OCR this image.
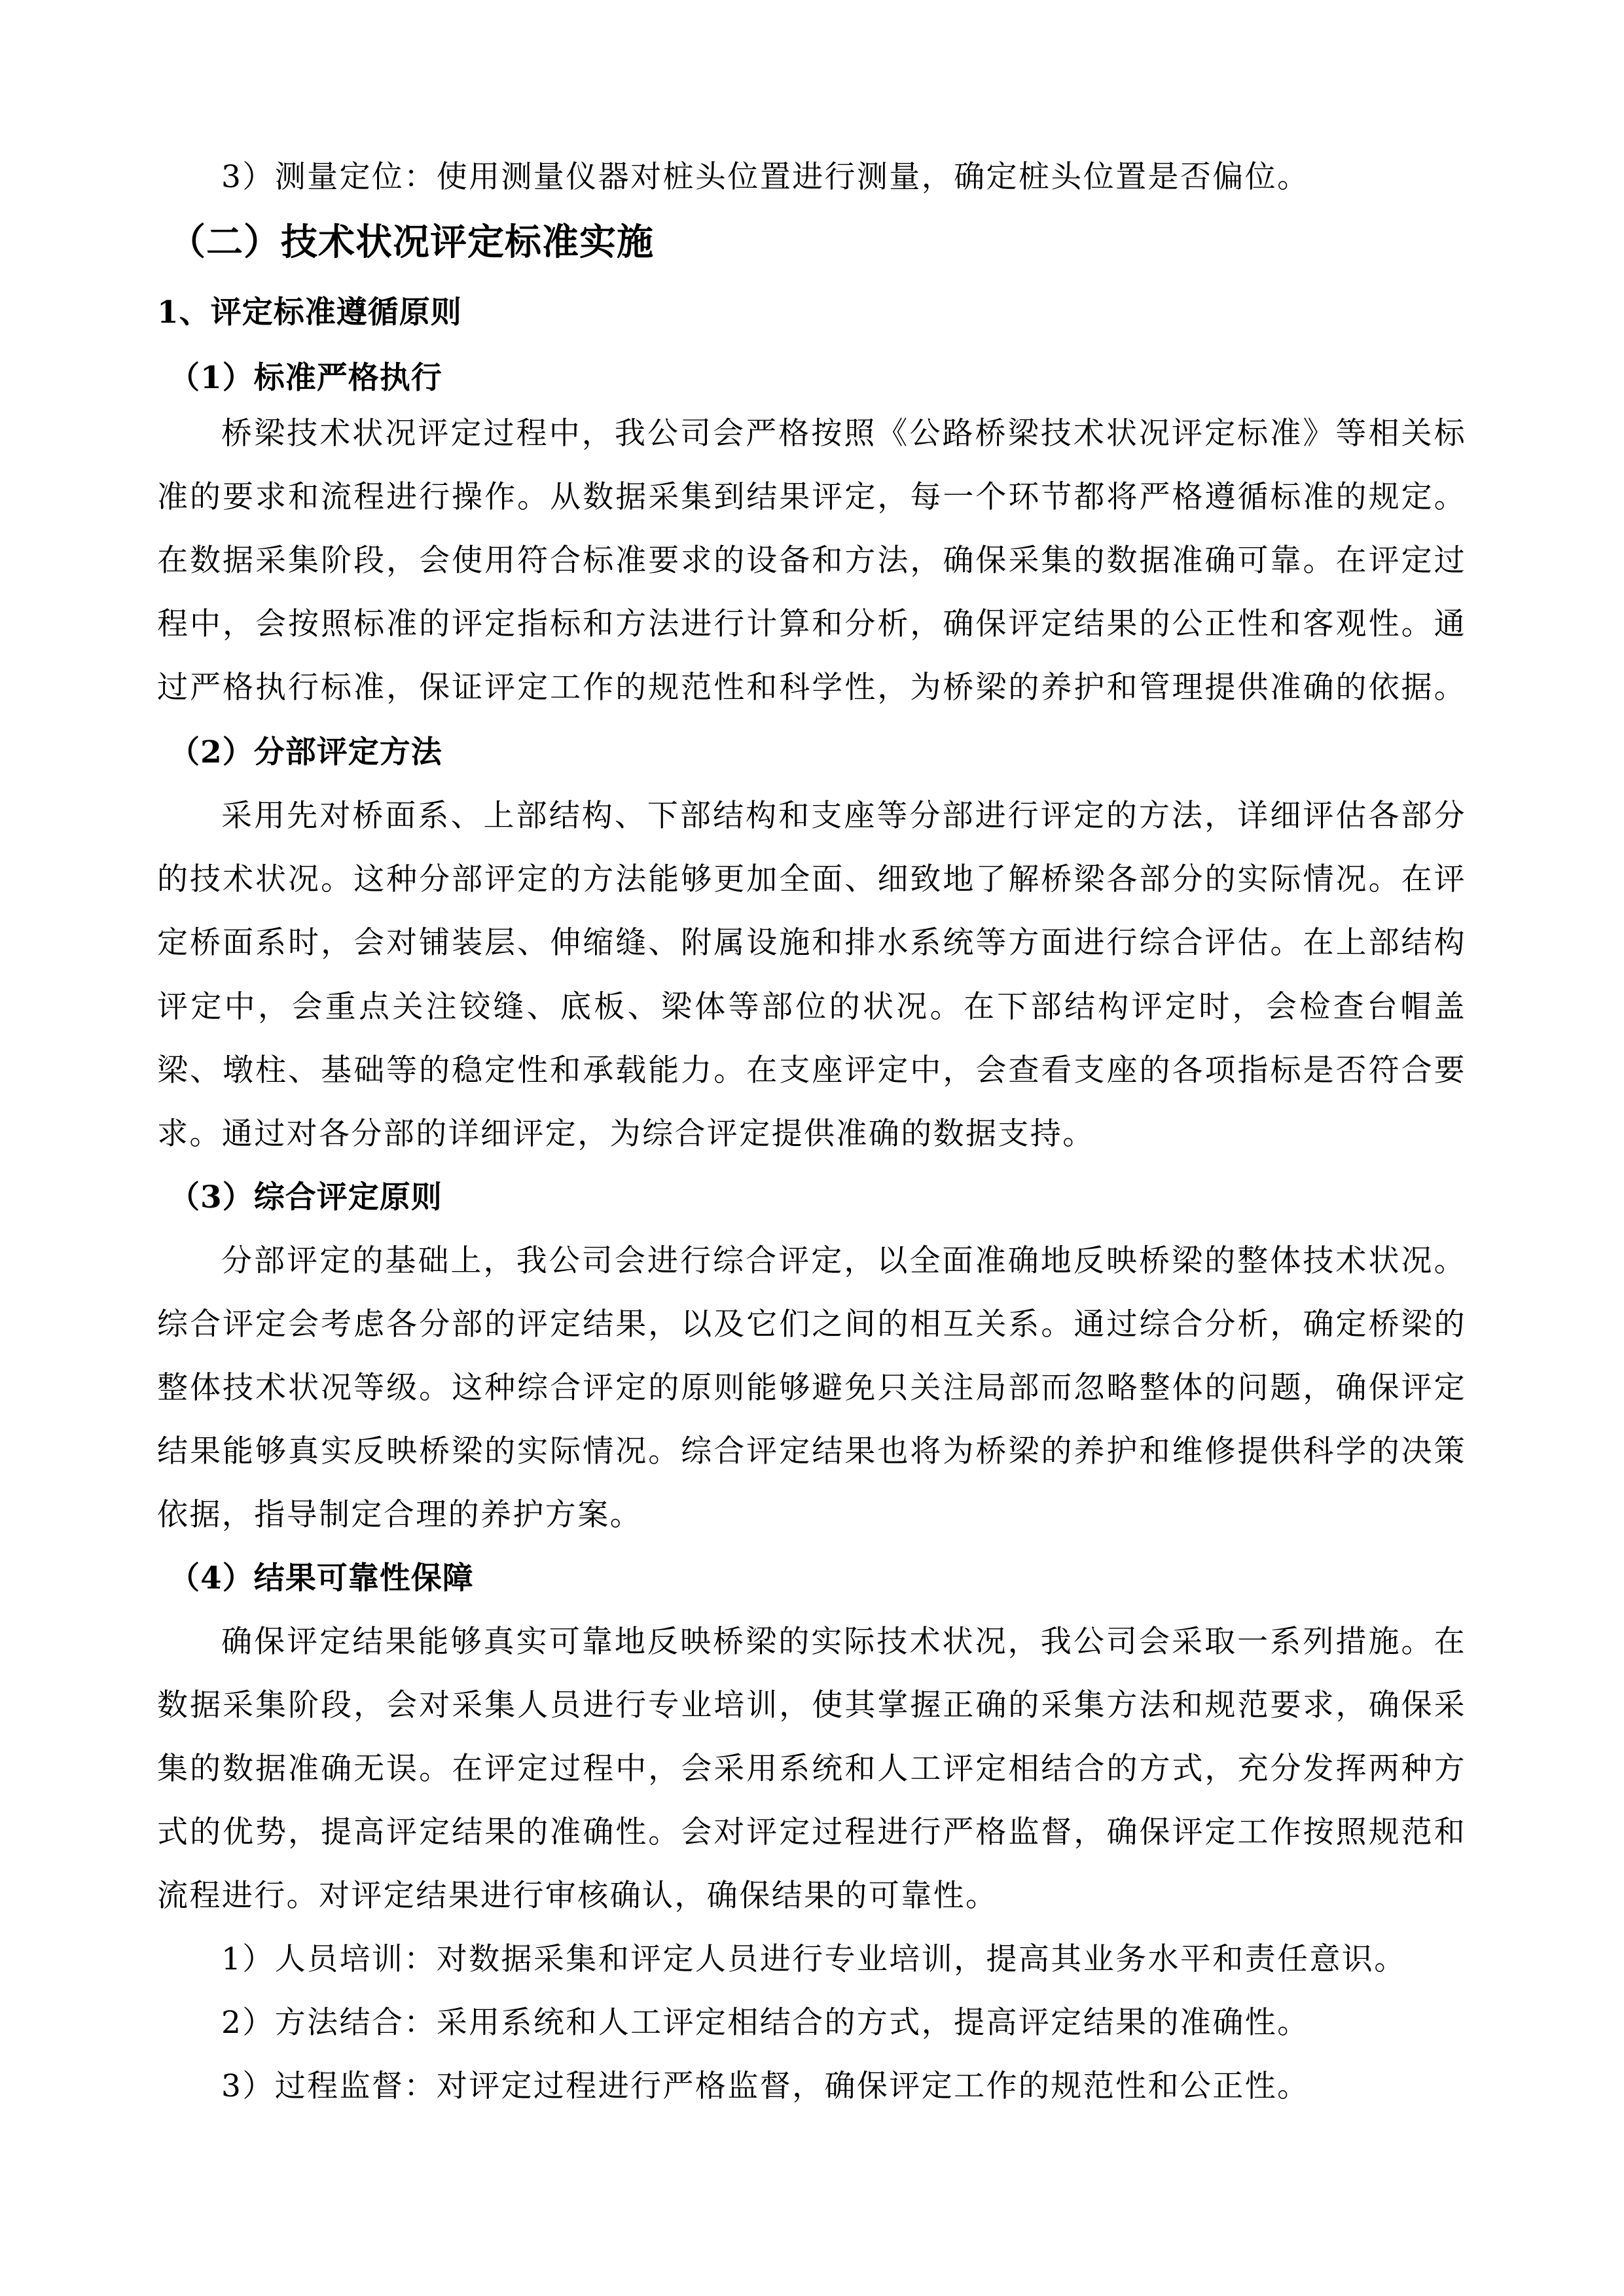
3）测量定位：使用测量仪器对桩头位置进行测量，确定桩头位置是否偏位。
（二）技术状况评定标准实施
1、评定标准遵循原则
（1）标准严格执行
桥梁技术状况评定过程中，我公司会严格按照《公路桥梁技术状况评定标准》等相关标
准的要求和流程进行操作。从数据采集到结果评定，每一个环节都将严格遵循标准的规定。
在数据采集阶段，会使用符合标准要求的设备和方法，确保采集的数据准确可靠。在评定过
程中，会按照标准的评定指标和方法进行计算和分析，确保评定结果的公正性和客观性。通
过严格执行标准，保证评定工作的规范性和科学性，为桥梁的养护和管理提供准确的依据。
（2）分部评定方法
采用先对桥面系、上部结构、下部结构和支座等分部进行评定的方法，详细评估各部分
的技术状况。这种分部评定的方法能够更加全面、细致地了解桥梁各部分的实际情况。在评
定桥面系时，会对铺装层、伸缩缝、附属设施和排水系统等方面进行综合评估。在上部结构
评定中，会重点关注铰缝、底板、梁体等部位的状况。在下部结构评定时，会检查台帽盖
梁、墩柱、基础等的稳定性和承载能力。在支座评定中，会查看支座的各项指标是否符合要
求。通过对各分部的详细评定，为综合评定提供准确的数据支持。
（3）综合评定原则
分部评定的基础上，我公司会进行综合评定，以全面准确地反映桥梁的整体技术状况。
综合评定会考虑各分部的评定结果，以及它们之间的相互关系。通过综合分析，确定桥梁的
整体技术状况等级。这种综合评定的原则能够避免只关注局部而忽略整体的问题，确保评定
结果能够真实反映桥梁的实际情况。综合评定结果也将为桥梁的养护和维修提供科学的决策
依据，指导制定合理的养护方案。
（4）结果可靠性保障
确保评定结果能够真实可靠地反映桥梁的实际技术状况，我公司会采取一系列措施。在
数据采集阶段，会对采集人员进行专业培训，使其掌握正确的采集方法和规范要求，确保采
集的数据准确无误。在评定过程中，会采用系统和人工评定相结合的方式，充分发挥两种方
式的优势，提高评定结果的准确性。会对评定过程进行严格监督，确保评定工作按照规范和
流程进行。对评定结果进行审核确认，确保结果的可靠性。
1）人员培训：对数据采集和评定人员进行专业培训，提高其业务水平和责任意识。
2）方法结合：采用系统和人工评定相结合的方式，提高评定结果的准确性。
3）过程监督：对评定过程进行严格监督，确保评定工作的规范性和公正性。
